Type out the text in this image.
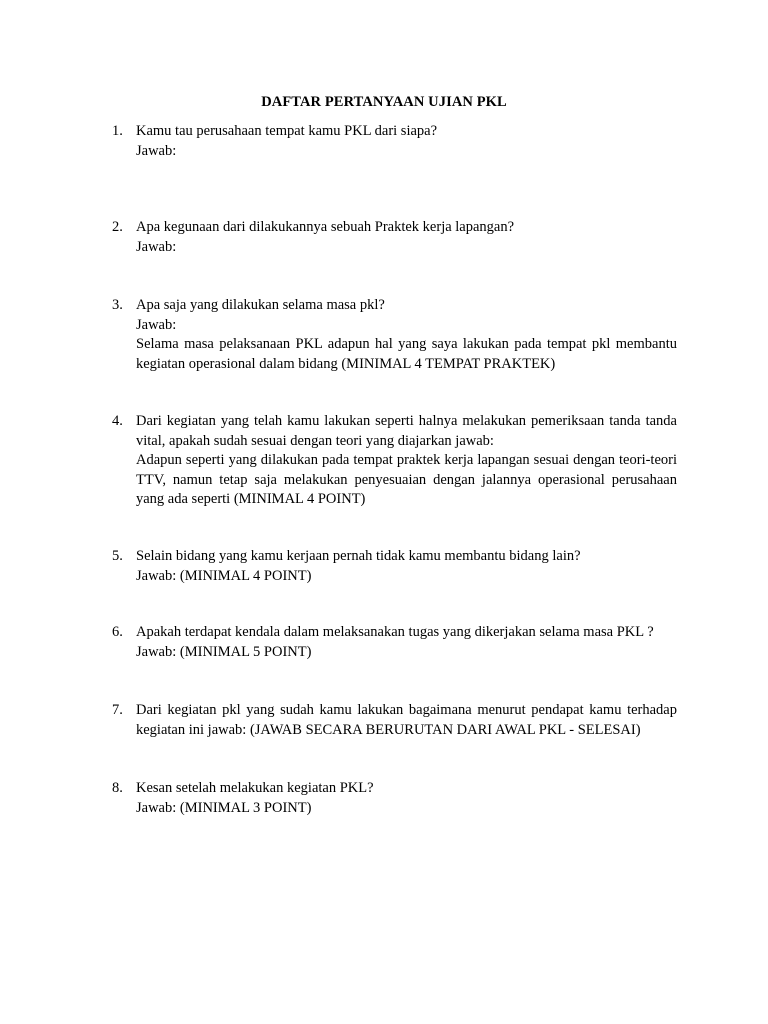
DAFTAR PERTANYAAN UJIAN PKL
1. Kamu tau perusahaan tempat kamu PKL dari siapa?
Jawab:
2. Apa kegunaan dari dilakukannya sebuah Praktek kerja lapangan?
Jawab:
3. Apa saja yang dilakukan selama masa pkl?
Jawab:
Selama masa pelaksanaan PKL adapun hal yang saya lakukan pada tempat pkl membantu kegiatan operasional dalam bidang (MINIMAL 4 TEMPAT PRAKTEK)
4. Dari kegiatan yang telah kamu lakukan seperti halnya melakukan pemeriksaan tanda tanda vital, apakah sudah sesuai dengan teori yang diajarkan jawab:
Adapun seperti yang dilakukan pada tempat praktek kerja lapangan sesuai dengan teori-teori TTV, namun tetap saja melakukan penyesuaian dengan jalannya operasional perusahaan yang ada seperti (MINIMAL 4 POINT)
5. Selain bidang yang kamu kerjaan pernah tidak kamu membantu bidang lain?
Jawab: (MINIMAL 4 POINT)
6. Apakah terdapat kendala dalam melaksanakan tugas yang dikerjakan selama masa PKL ?
Jawab: (MINIMAL 5 POINT)
7. Dari kegiatan pkl yang sudah kamu lakukan bagaimana menurut pendapat kamu terhadap kegiatan ini jawab: (JAWAB SECARA BERURUTAN DARI AWAL PKL - SELESAI)
8. Kesan setelah melakukan kegiatan PKL?
Jawab: (MINIMAL 3 POINT)
